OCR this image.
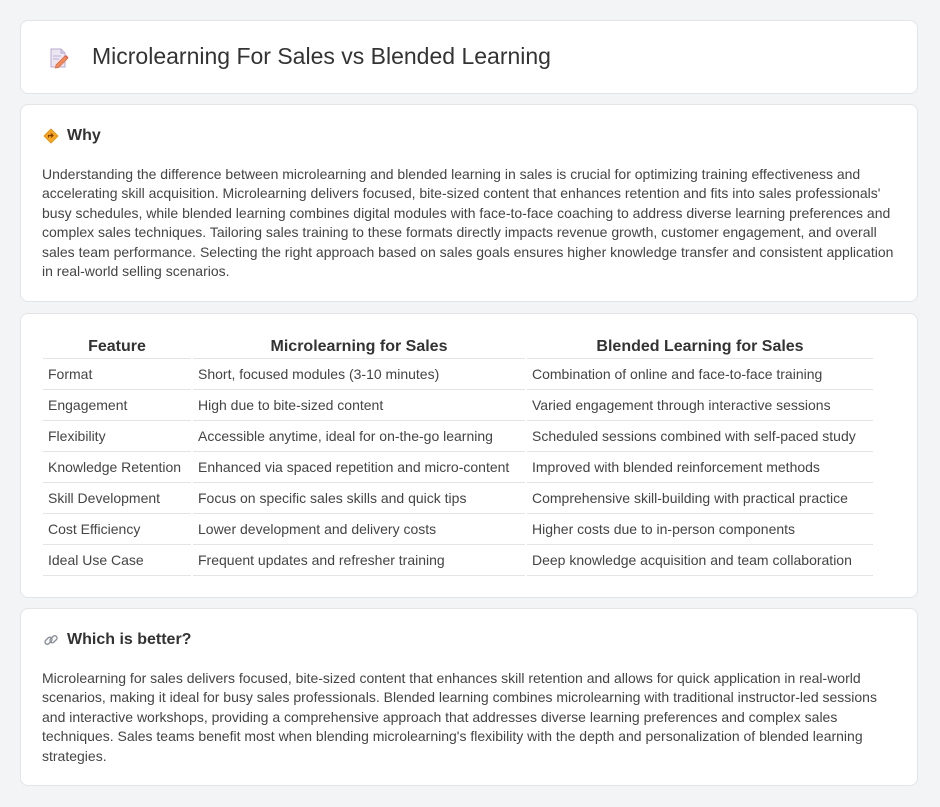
Microlearning For Sales vs Blended Learning
Why

Understanding the difference between microlearning and blended learning in sales is crucial for optimizing training effectiveness and accelerating skill acquisition. Microlearning delivers focused, bite-sized content that enhances retention and fits into sales professionals' busy schedules, while blended learning combines digital modules with face-to-face coaching to address diverse learning preferences and complex sales techniques. Tailoring sales training to these formats directly impacts revenue growth, customer engagement, and overall sales team performance. Selecting the right approach based on sales goals ensures higher knowledge transfer and consistent application in real-world selling scenarios.

Feature	Microlearning for Sales	Blended Learning for Sales
Format	Short, focused modules (3-10 minutes)	Combination of online and face-to-face training
Engagement	High due to bite-sized content	Varied engagement through interactive sessions
Flexibility	Accessible anytime, ideal for on-the-go learning	Scheduled sessions combined with self-paced study
Knowledge Retention	Enhanced via spaced repetition and micro-content	Improved with blended reinforcement methods
Skill Development	Focus on specific sales skills and quick tips	Comprehensive skill-building with practical practice
Cost Efficiency	Lower development and delivery costs	Higher costs due to in-person components
Ideal Use Case	Frequent updates and refresher training	Deep knowledge acquisition and team collaboration
Which is better?

Microlearning for sales delivers focused, bite-sized content that enhances skill retention and allows for quick application in real-world scenarios, making it ideal for busy sales professionals. Blended learning combines microlearning with traditional instructor-led sessions and interactive workshops, providing a comprehensive approach that addresses diverse learning preferences and complex sales techniques. Sales teams benefit most when blending microlearning's flexibility with the depth and personalization of blended learning strategies.
